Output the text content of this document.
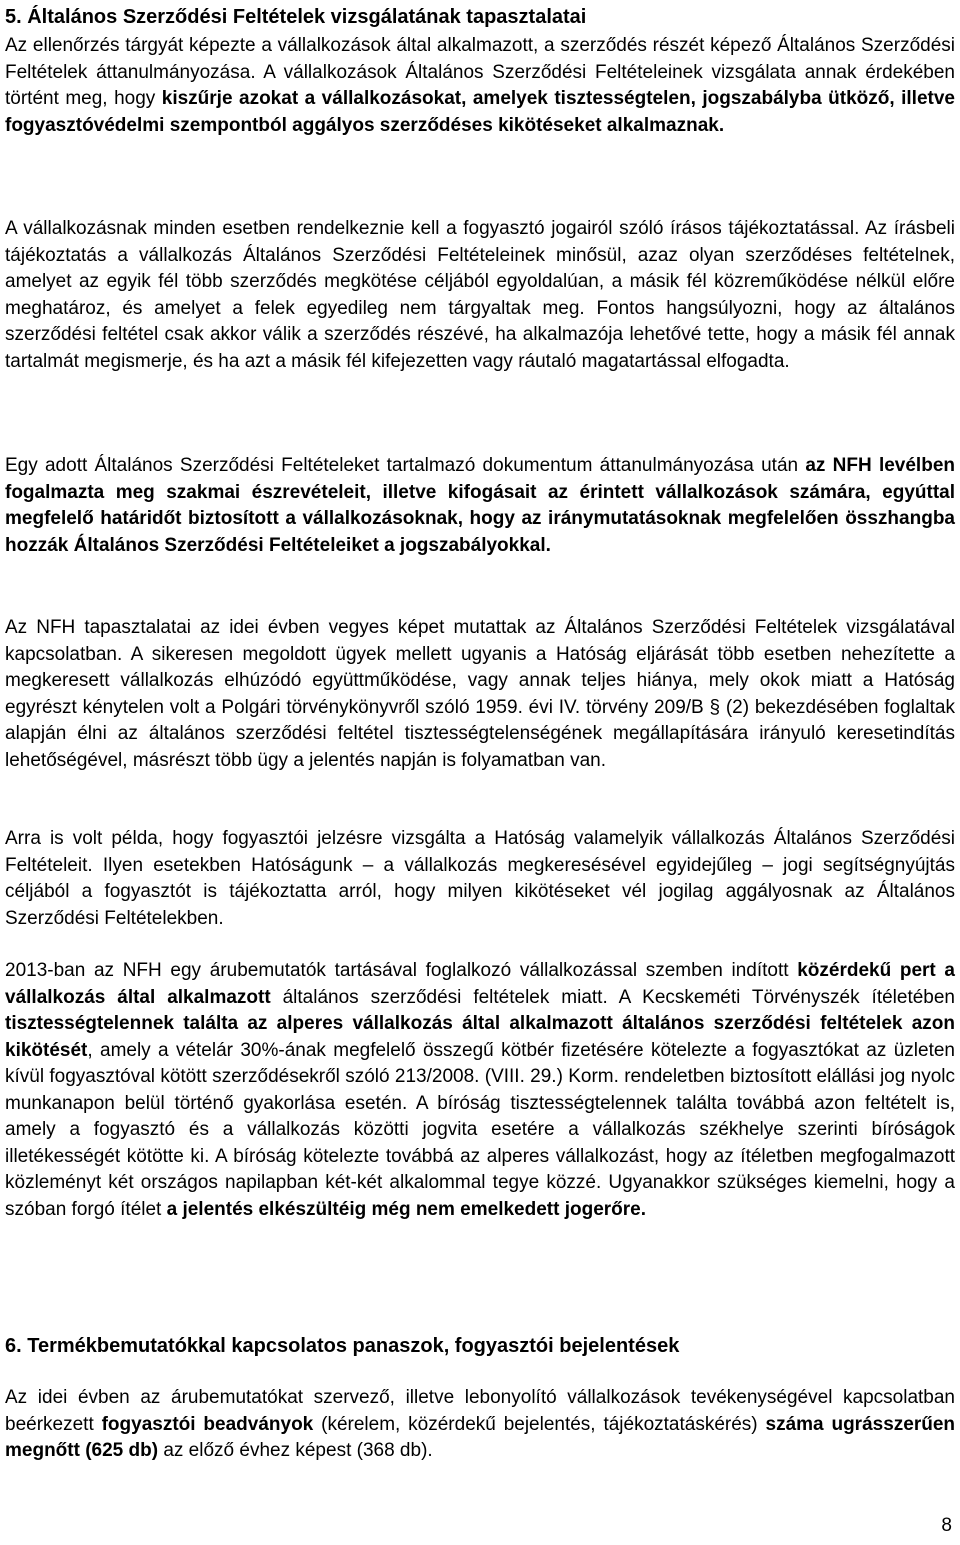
5. Általános Szerződési Feltételek vizsgálatának tapasztalatai

Az ellenőrzés tárgyát képezte a vállalkozások által alkalmazott, a szerződés részét képező Általános Szerződési Feltételek áttanulmányozása. A vállalkozások Általános Szerződési Feltételeinek vizsgálata annak érdekében történt meg, hogy kiszűrje azokat a vállalkozásokat, amelyek tisztességtelen, jogszabályba ütköző, illetve fogyasztóvédelmi szempontból aggályos szerződéses kikötéseket alkalmaznak.

A vállalkozásnak minden esetben rendelkeznie kell a fogyasztó jogairól szóló írásos tájékoztatással. Az írásbeli tájékoztatás a vállalkozás Általános Szerződési Feltételeinek minősül, azaz olyan szerződéses feltételnek, amelyet az egyik fél több szerződés megkötése céljából egyoldalúan, a másik fél közreműködése nélkül előre meghatároz, és amelyet a felek egyedileg nem tárgyaltak meg. Fontos hangsúlyozni, hogy az általános szerződési feltétel csak akkor válik a szerződés részévé, ha alkalmazója lehetővé tette, hogy a másik fél annak tartalmát megismerje, és ha azt a másik fél kifejezetten vagy ráutaló magatartással elfogadta.

Egy adott Általános Szerződési Feltételeket tartalmazó dokumentum áttanulmányozása után az NFH levélben fogalmazta meg szakmai észrevételeit, illetve kifogásait az érintett vállalkozások számára, egyúttal megfelelő határidőt biztosított a vállalkozásoknak, hogy az iránymutatásoknak megfelelően összhangba hozzák Általános Szerződési Feltételeiket a jogszabályokkal.

Az NFH tapasztalatai az idei évben vegyes képet mutattak az Általános Szerződési Feltételek vizsgálatával kapcsolatban. A sikeresen megoldott ügyek mellett ugyanis a Hatóság eljárását több esetben nehezítette a megkeresett vállalkozás elhúzódó együttműködése, vagy annak teljes hiánya, mely okok miatt a Hatóság egyrészt kénytelen volt a Polgári törvénykönyvről szóló 1959. évi IV. törvény 209/B § (2) bekezdésében foglaltak alapján élni az általános szerződési feltétel tisztességtelenségének megállapítására irányuló keresetindítás lehetőségével, másrészt több ügy a jelentés napján is folyamatban van.

Arra is volt példa, hogy fogyasztói jelzésre vizsgálta a Hatóság valamelyik vállalkozás Általános Szerződési Feltételeit. Ilyen esetekben Hatóságunk – a vállalkozás megkeresésével egyidejűleg – jogi segítségnyújtás céljából a fogyasztót is tájékoztatta arról, hogy milyen kikötéseket vél jogilag aggályosnak az Általános Szerződési Feltételekben.

2013-ban az NFH egy árubemutatók tartásával foglalkozó vállalkozással szemben indított közérdekű pert a vállalkozás által alkalmazott általános szerződési feltételek miatt. A Kecskeméti Törvényszék ítéletében tisztességtelennek találta az alperes vállalkozás által alkalmazott általános szerződési feltételek azon kikötését, amely a vételár 30%-ának megfelelő összegű kötbér fizetésére kötelezte a fogyasztókat az üzleten kívül fogyasztóval kötött szerződésekről szóló 213/2008. (VIII. 29.) Korm. rendeletben biztosított elállási jog nyolc munkanapon belül történő gyakorlása esetén. A bíróság tisztességtelennek találta továbbá azon feltételt is, amely a fogyasztó és a vállalkozás közötti jogvita esetére a vállalkozás székhelye szerinti bíróságok illetékességét kötötte ki. A bíróság kötelezte továbbá az alperes vállalkozást, hogy az ítéletben megfogalmazott közleményt két országos napilapban két-két alkalommal tegye közzé. Ugyanakkor szükséges kiemelni, hogy a szóban forgó ítélet a jelentés elkészültéig még nem emelkedett jogerőre.

6. Termékbemutatókkal kapcsolatos panaszok, fogyasztói bejelentések

Az idei évben az árubemutatókat szervező, illetve lebonyolító vállalkozások tevékenységével kapcsolatban beérkezett fogyasztói beadványok (kérelem, közérdekű bejelentés, tájékoztatáskérés) száma ugrásszerűen megnőtt (625 db) az előző évhez képest (368 db).

8
